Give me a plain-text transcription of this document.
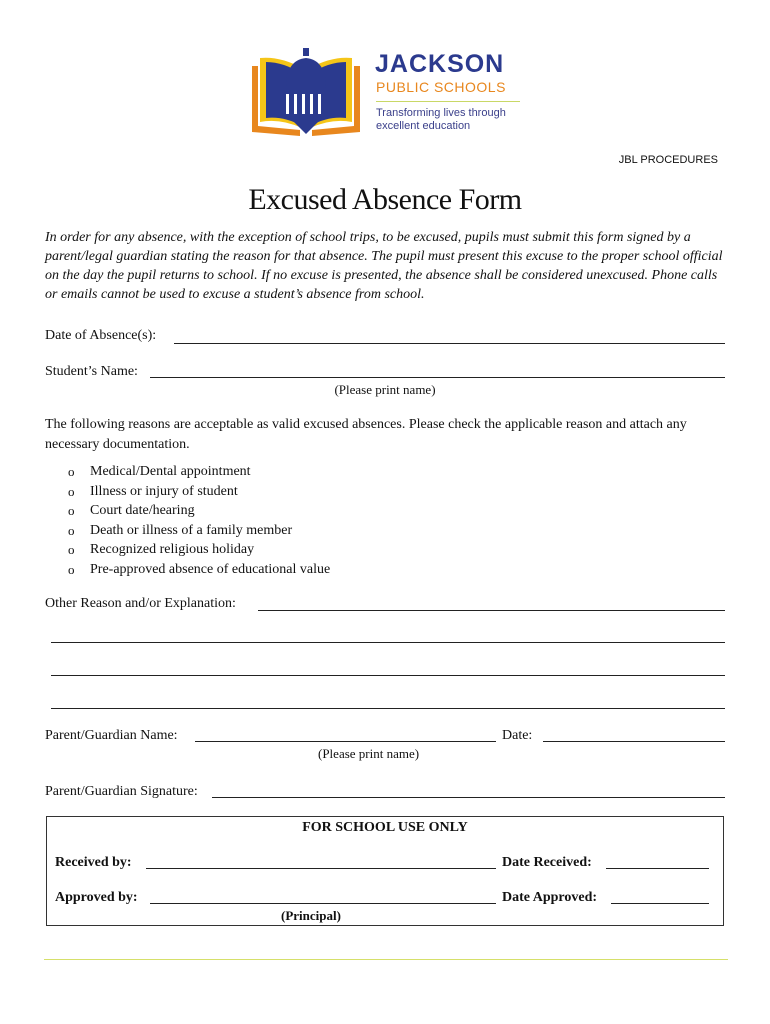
JACKSON
PUBLIC SCHOOLS
Transforming lives through
excellent education
JBL PROCEDURES
Excused Absence Form
In order for any absence, with the exception of school trips, to be excused, pupils must submit this form signed by a parent/legal guardian stating the reason for that absence. The pupil must present this excuse to the proper school official on the day the pupil returns to school. If no excuse is presented, the absence shall be considered unexcused. Phone calls or emails cannot be used to excuse a student’s absence from school.
Date of Absence(s):
Student’s Name:
(Please print name)
The following reasons are acceptable as valid excused absences. Please check the applicable reason and attach any necessary documentation.
o	Medical/Dental appointment
o	Illness or injury of student
o	Court date/hearing
o	Death or illness of a family member
o	Recognized religious holiday
o	Pre-approved absence of educational value
Other Reason and/or Explanation:
Parent/Guardian Name:	Date:
(Please print name)
Parent/Guardian Signature:
FOR SCHOOL USE ONLY
Received by:	Date Received:
Approved by:	Date Approved:
(Principal)
